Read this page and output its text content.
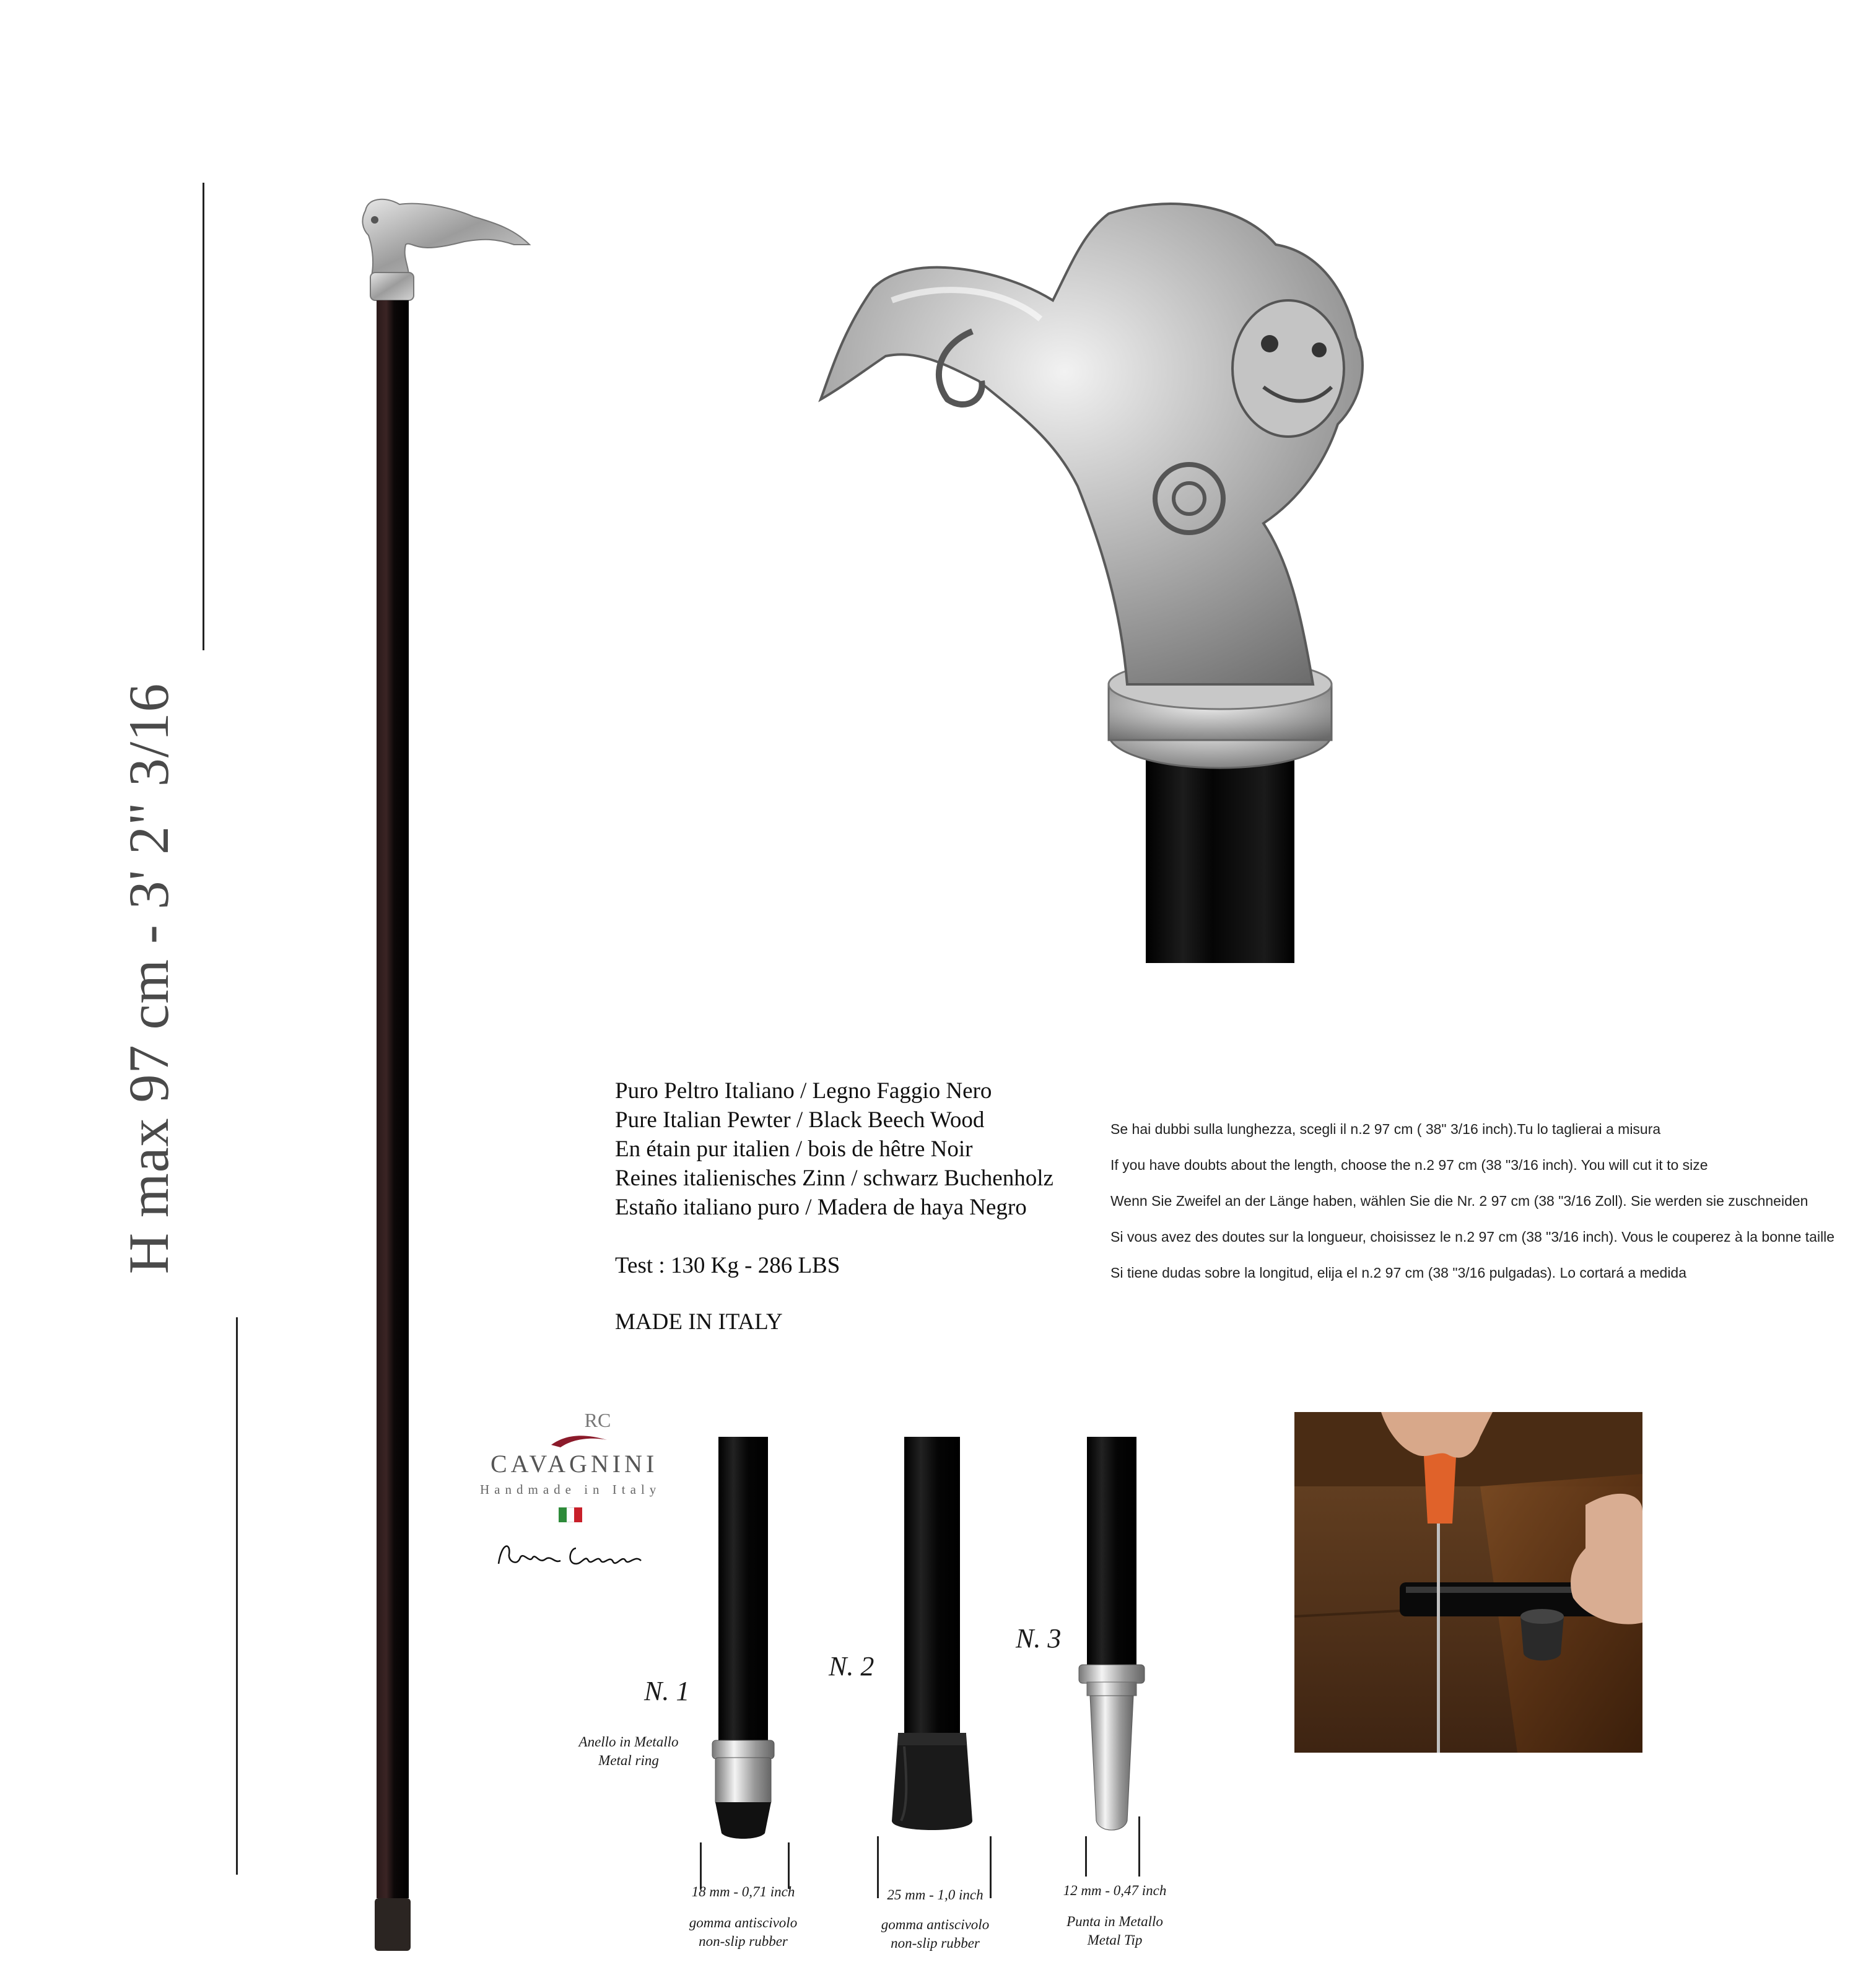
H max 97 cm - 3' 2" 3/16	Puro Peltro Italiano / Legno Faggio Nero
Pure Italian Pewter / Black Beech Wood
En étain pur italien / bois de hêtre Noir
Reines italienisches Zinn / schwarz Buchenholz
Estaño italiano puro / Madera de haya Negro
Test : 130 Kg - 286 LBS
MADE IN ITALY

Se hai dubbi sulla lunghezza, scegli il n.2 97 cm ( 38" 3/16 inch).Tu lo taglierai a misura

If you have doubts about the length, choose the n.2 97 cm (38 "3/16 inch). You will cut it to size

Wenn Sie Zweifel an der Länge haben, wählen Sie die Nr. 2 97 cm (38 "3/16 Zoll). Sie werden sie zuschneiden

Si vous avez des doutes sur la longueur, choisissez le n.2 97 cm (38 "3/16 inch). Vous le couperez à la bonne taille

Si tiene dudas sobre la longitud, elija el n.2 97 cm (38 "3/16 pulgadas). Lo cortará a medida

RC
CAVAGNINI
Handmade in Italy
N. 1
Anello in Metallo
Metal ring
18 mm - 0,71 inch
gomma antiscivolo
non-slip rubber
N. 2
25 mm - 1,0 inch
gomma antiscivolo
non-slip rubber
N. 3
12 mm - 0,47 inch
Punta in Metallo
Metal Tip
